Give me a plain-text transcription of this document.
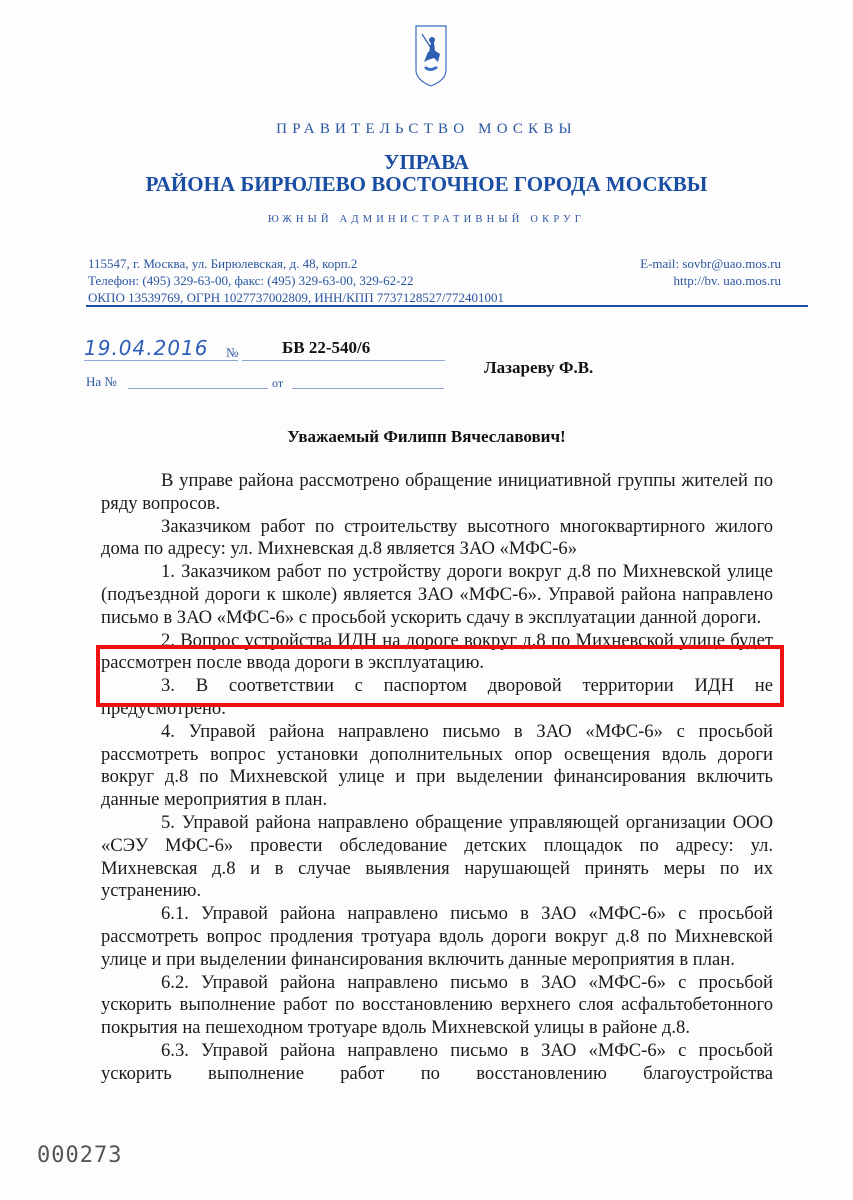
ПРАВИТЕЛЬСТВО МОСКВЫ
УПРАВА
РАЙОНА БИРЮЛЕВО ВОСТОЧНОЕ ГОРОДА МОСКВЫ
ЮЖНЫЙ АДМИНИСТРАТИВНЫЙ ОКРУГ
115547, г. Москва, ул. Бирюлевская, д. 48, корп.2
Телефон: (495) 329-63-00, факс: (495) 329-63-00, 329-62-22
ОКПО 13539769, ОГРН 1027737002809, ИНН/КПП 7737128527/772401001
E-mail: sovbr@uao.mos.ru
http://bv. uao.mos.ru
19.04.2016 №	БВ 22-540/6
На №	от
Лазареву Ф.В.
Уважаемый Филипп Вячеславович!

В управе района рассмотрено обращение инициативной группы жителей по ряду вопросов.

Заказчиком работ по строительству высотного многоквартирного жилого дома по адресу: ул. Михневская д.8 является ЗАО «МФС-6»

1. Заказчиком работ по устройству дороги вокруг д.8 по Михневской улице (подъездной дороги к школе) является ЗАО «МФС-6». Управой района направлено письмо в ЗАО «МФС-6» с просьбой ускорить сдачу в эксплуатации данной дороги.

2. Вопрос устройства ИДН на дороге вокруг д.8 по Михневской улице будет рассмотрен после ввода дороги в эксплуатацию.

3. В соответствии с паспортом дворовой территории ИДН не предусмотрено.

4. Управой района направлено письмо в ЗАО «МФС-6» с просьбой рассмотреть вопрос установки дополнительных опор освещения вдоль дороги вокруг д.8 по Михневской улице и при выделении финансирования включить данные мероприятия в план.

5. Управой района направлено обращение управляющей организации ООО «СЭУ МФС-6» провести обследование детских площадок по адресу: ул. Михневская д.8 и в случае выявления нарушающей принять меры по их устранению.

6.1. Управой района направлено письмо в ЗАО «МФС-6» с просьбой рассмотреть вопрос продления тротуара вдоль дороги вокруг д.8 по Михневской улице и при выделении финансирования включить данные мероприятия в план.

6.2. Управой района направлено письмо в ЗАО «МФС-6» с просьбой ускорить выполнение работ по восстановлению верхнего слоя асфальтобетонного покрытия на пешеходном тротуаре вдоль Михневской улицы в районе д.8.

6.3. Управой района направлено письмо в ЗАО «МФС-6» с просьбой ускорить выполнение работ по восстановлению благоустройства

000273
